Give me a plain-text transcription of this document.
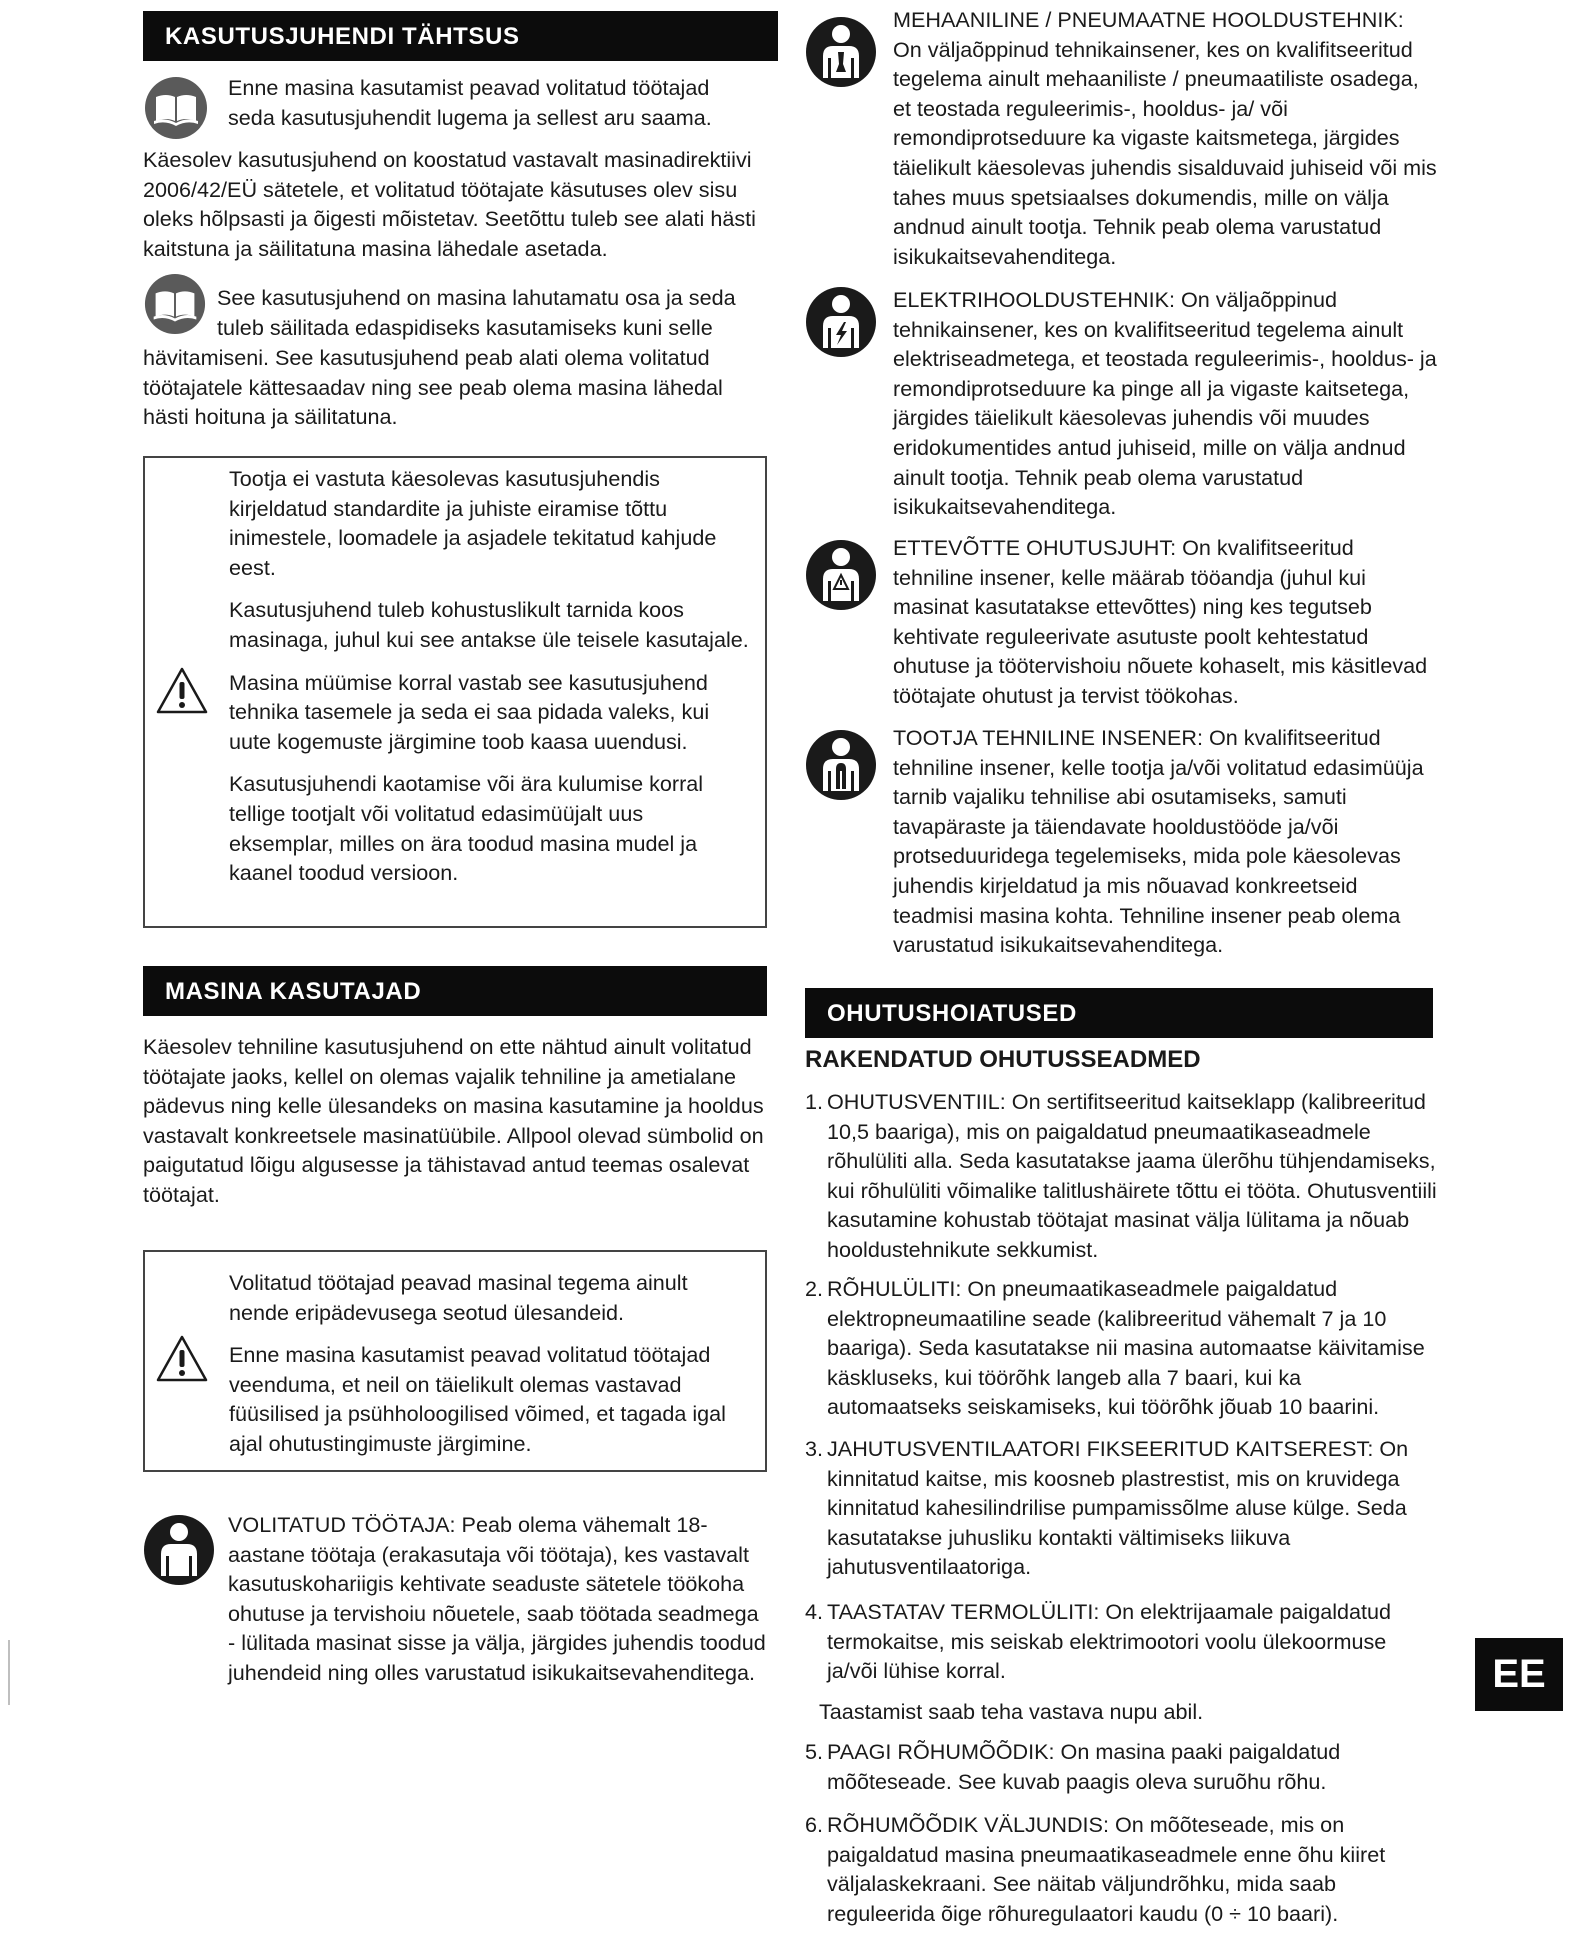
KASUTUSJUHENDI TÄHTSUS

Enne masina kasutamist peavad volitatud töötajad seda kasutusjuhendit lugema ja sellest aru saama.

Käesolev kasutusjuhend on koostatud vastavalt masinadirektiivi 2006/42/EÜ sätetele, et volitatud töötajate käsutuses olev sisu oleks hõlpsasti ja õigesti mõistetav. Seetõttu tuleb see alati hästi kaitstuna ja säilitatuna masina lähedale asetada.

See kasutusjuhend on masina lahutamatu osa ja seda tuleb säilitada edaspidiseks kasutamiseks kuni selle

hävitamiseni. See kasutusjuhend peab alati olema volitatud töötajatele kättesaadav ning see peab olema masina lähedal hästi hoituna ja säilitatuna.

Tootja ei vastuta käesolevas kasutusjuhendis kirjeldatud standardite ja juhiste eiramise tõttu inimestele, loomadele ja asjadele tekitatud kahjude eest.

Kasutusjuhend tuleb kohustuslikult tarnida koos masinaga, juhul kui see antakse üle teisele kasutajale.

Masina müümise korral vastab see kasutusjuhend tehnika tasemele ja seda ei saa pidada valeks, kui uute kogemuste järgimine toob kaasa uuendusi.

Kasutusjuhendi kaotamise või ära kulumise korral tellige tootjalt või volitatud edasimüüjalt uus eksemplar, milles on ära toodud masina mudel ja kaanel toodud versioon.

MASINA KASUTAJAD

Käesolev tehniline kasutusjuhend on ette nähtud ainult volitatud töötajate jaoks, kellel on olemas vajalik tehniline ja ametialane pädevus ning kelle ülesandeks on masina kasutamine ja hooldus vastavalt konkreetsele masinatüübile. Allpool olevad sümbolid on paigutatud lõigu algusesse ja tähistavad antud teemas osalevat töötajat.

Volitatud töötajad peavad masinal tegema ainult nende eripädevusega seotud ülesandeid.

Enne masina kasutamist peavad volitatud töötajad veenduma, et neil on täielikult olemas vastavad füüsilised ja psühholoogilised võimed, et tagada igal ajal ohutustingimuste järgimine.

VOLITATUD TÖÖTAJA: Peab olema vähemalt 18-aastane töötaja (erakasutaja või töötaja), kes vastavalt kasutuskohariigis kehtivate seaduste sätetele töökoha ohutuse ja tervishoiu nõuetele, saab töötada seadmega - lülitada masinat sisse ja välja, järgides juhendis toodud juhendeid ning olles varustatud isikukaitsevahenditega.

MEHAANILINE / PNEUMAATNE HOOLDUSTEHNIK: On väljaõppinud tehnikainsener, kes on kvalifitseeritud tegelema ainult mehaaniliste / pneumaatiliste osadega, et teostada reguleerimis-, hooldus- ja/ või remondiprotseduure ka vigaste kaitsmetega, järgides täielikult käesolevas juhendis sisalduvaid juhiseid või mis tahes muus spetsiaalses dokumendis, mille on välja andnud ainult tootja. Tehnik peab olema varustatud isikukaitsevahenditega.

ELEKTRIHOOLDUSTEHNIK: On väljaõppinud tehnikainsener, kes on kvalifitseeritud tegelema ainult elektriseadmetega, et teostada reguleerimis-, hooldus- ja remondiprotseduure ka pinge all ja vigaste kaitsetega, järgides täielikult käesolevas juhendis või muudes eridokumentides antud juhiseid, mille on välja andnud ainult tootja. Tehnik peab olema varustatud isikukaitsevahenditega.

ETTEVÕTTE OHUTUSJUHT: On kvalifitseeritud tehniline insener, kelle määrab tööandja (juhul kui masinat kasutatakse ettevõttes) ning kes tegutseb kehtivate reguleerivate asutuste poolt kehtestatud ohutuse ja töötervishoiu nõuete kohaselt, mis käsitlevad töötajate ohutust ja tervist töökohas.

TOOTJA TEHNILINE INSENER: On kvalifitseeritud tehniline insener, kelle tootja ja/või volitatud edasimüüja tarnib vajaliku tehnilise abi osutamiseks, samuti tavapäraste ja täiendavate hooldustööde ja/või protseduuridega tegelemiseks, mida pole käesolevas juhendis kirjeldatud ja mis nõuavad konkreetseid teadmisi masina kohta. Tehniline insener peab olema varustatud isikukaitsevahenditega.

OHUTUSHOIATUSED
RAKENDATUD OHUTUSSEADMED
1. OHUTUSVENTIIL: On sertifitseeritud kaitseklapp (kalibreeritud 10,5 baariga), mis on paigaldatud pneumaatikaseadmele rõhulüliti alla. Seda kasutatakse jaama ülerõhu tühjendamiseks, kui rõhulüliti võimalike talitlushäirete tõttu ei tööta. Ohutusventiili kasutamine kohustab töötajat masinat välja lülitama ja nõuab hooldustehnikute sekkumist.

2. RÕHULÜLITI: On pneumaatikaseadmele paigaldatud elektropneumaatiline seade (kalibreeritud vähemalt 7 ja 10 baariga). Seda kasutatakse nii masina automaatse käivitamise käskluseks, kui töörõhk langeb alla 7 baari, kui ka automaatseks seiskamiseks, kui töörõhk jõuab 10 baarini.

3. JAHUTUSVENTILAATORI FIKSEERITUD KAITSEREST: On kinnitatud kaitse, mis koosneb plastrestist, mis on kruvidega kinnitatud kahesilindrilise pumpamissõlme aluse külge. Seda kasutatakse juhusliku kontakti vältimiseks liikuva jahutusventilaatoriga.

4. TAASTATAV TERMOLÜLITI: On elektrijaamale paigaldatud termokaitse, mis seiskab elektrimootori voolu ülekoormuse ja/või lühise korral.

Taastamist saab teha vastava nupu abil.

5. PAAGI RÕHUMÕÕDIK: On masina paaki paigaldatud mõõteseade. See kuvab paagis oleva suruõhu rõhu.

6. RÕHUMÕÕDIK VÄLJUNDIS: On mõõteseade, mis on paigaldatud masina pneumaatikaseadmele enne õhu kiiret väljalaskekraani. See näitab väljundrõhku, mida saab reguleerida õige rõhuregulaatori kaudu (0 ÷ 10 baari).

EE
